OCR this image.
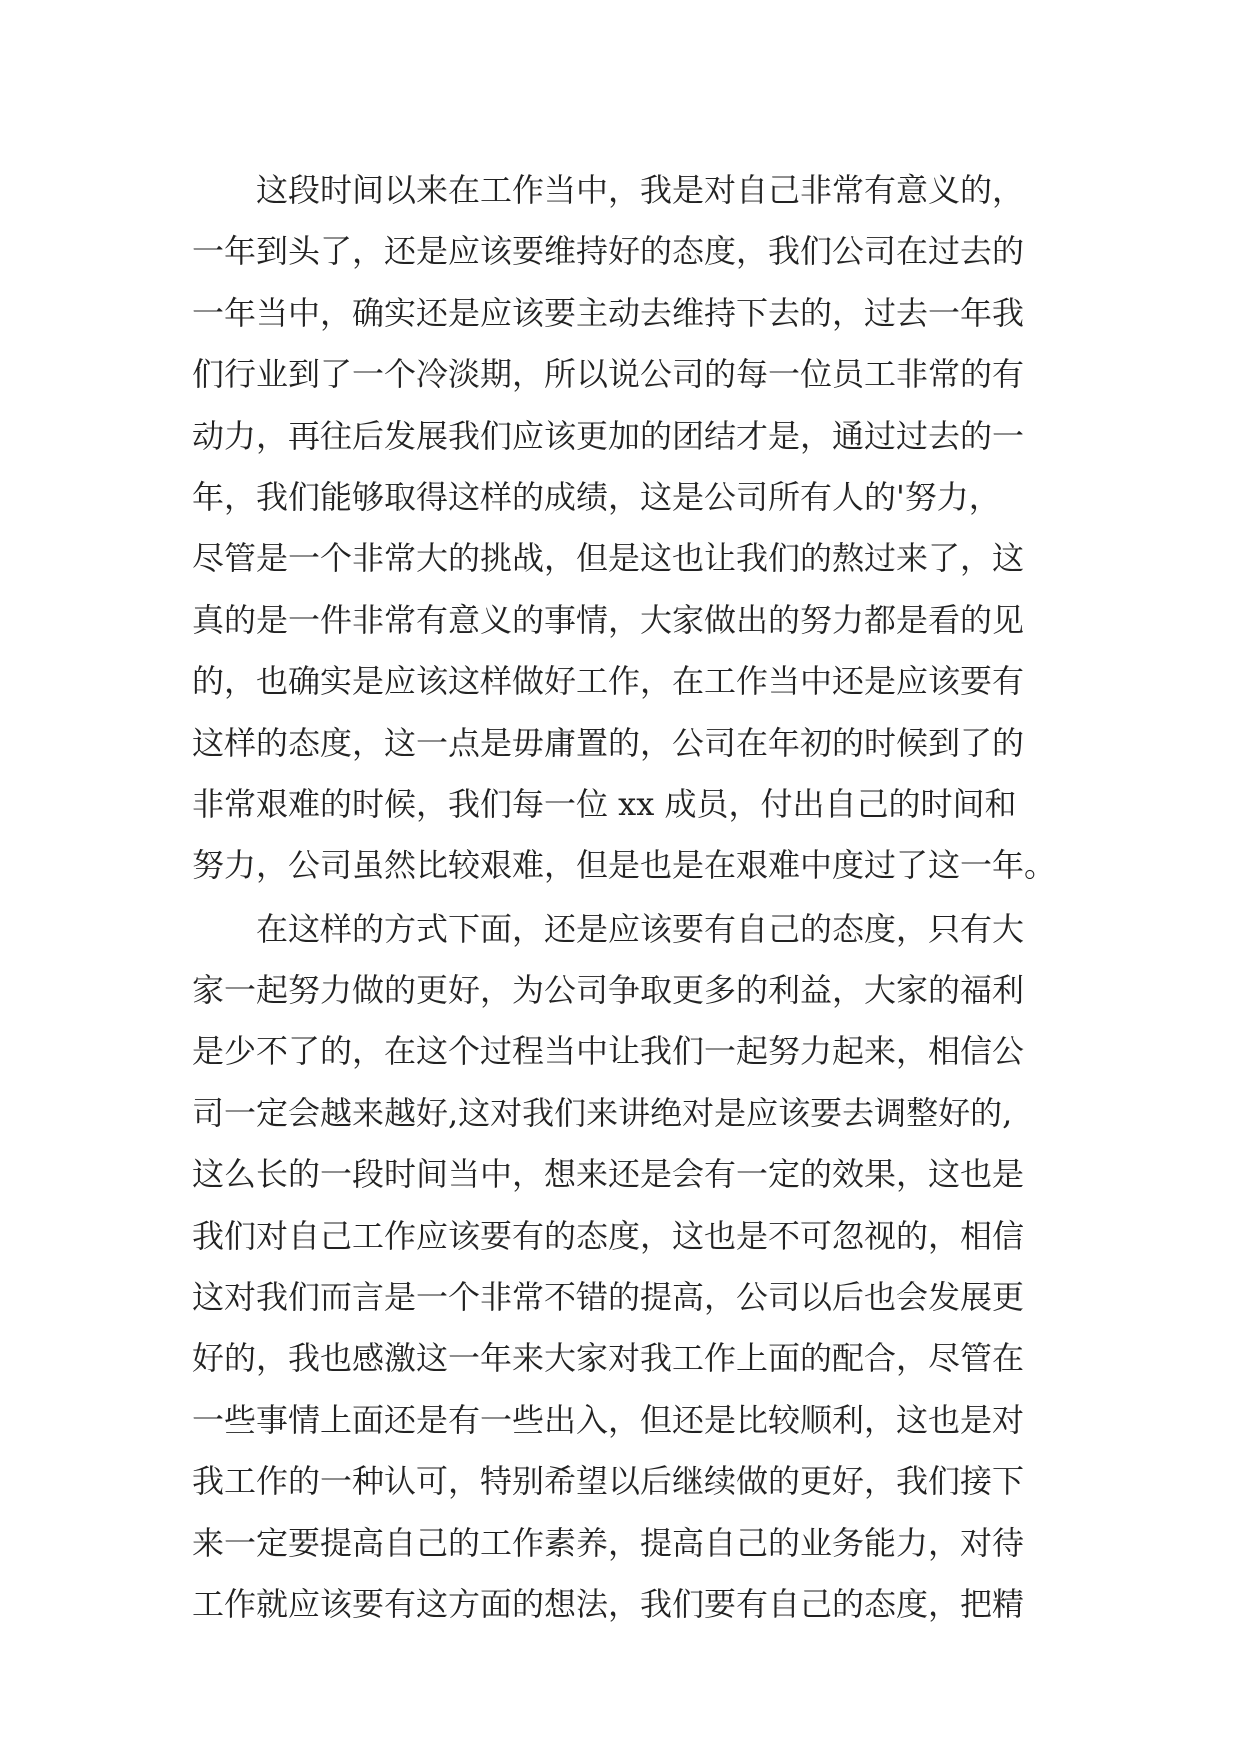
这段时间以来在工作当中，我是对自己非常有意义的，
一年到头了，还是应该要维持好的态度，我们公司在过去的
一年当中，确实还是应该要主动去维持下去的，过去一年我
们行业到了一个冷淡期，所以说公司的每一位员工非常的有
动力，再往后发展我们应该更加的团结才是，通过过去的一
年，我们能够取得这样的成绩，这是公司所有人的'努力，
尽管是一个非常大的挑战，但是这也让我们的熬过来了，这
真的是一件非常有意义的事情，大家做出的努力都是看的见
的，也确实是应该这样做好工作，在工作当中还是应该要有
这样的态度，这一点是毋庸置的，公司在年初的时候到了的
非常艰难的时候，我们每一位 xx 成员，付出自己的时间和
努力，公司虽然比较艰难，但是也是在艰难中度过了这一年。
在这样的方式下面，还是应该要有自己的态度，只有大
家一起努力做的更好，为公司争取更多的利益，大家的福利
是少不了的，在这个过程当中让我们一起努力起来，相信公
司一定会越来越好,这对我们来讲绝对是应该要去调整好的,
这么长的一段时间当中，想来还是会有一定的效果，这也是
我们对自己工作应该要有的态度，这也是不可忽视的，相信
这对我们而言是一个非常不错的提高，公司以后也会发展更
好的，我也感激这一年来大家对我工作上面的配合，尽管在
一些事情上面还是有一些出入，但还是比较顺利，这也是对
我工作的一种认可，特别希望以后继续做的更好，我们接下
来一定要提高自己的工作素养，提高自己的业务能力，对待
工作就应该要有这方面的想法，我们要有自己的态度，把精
